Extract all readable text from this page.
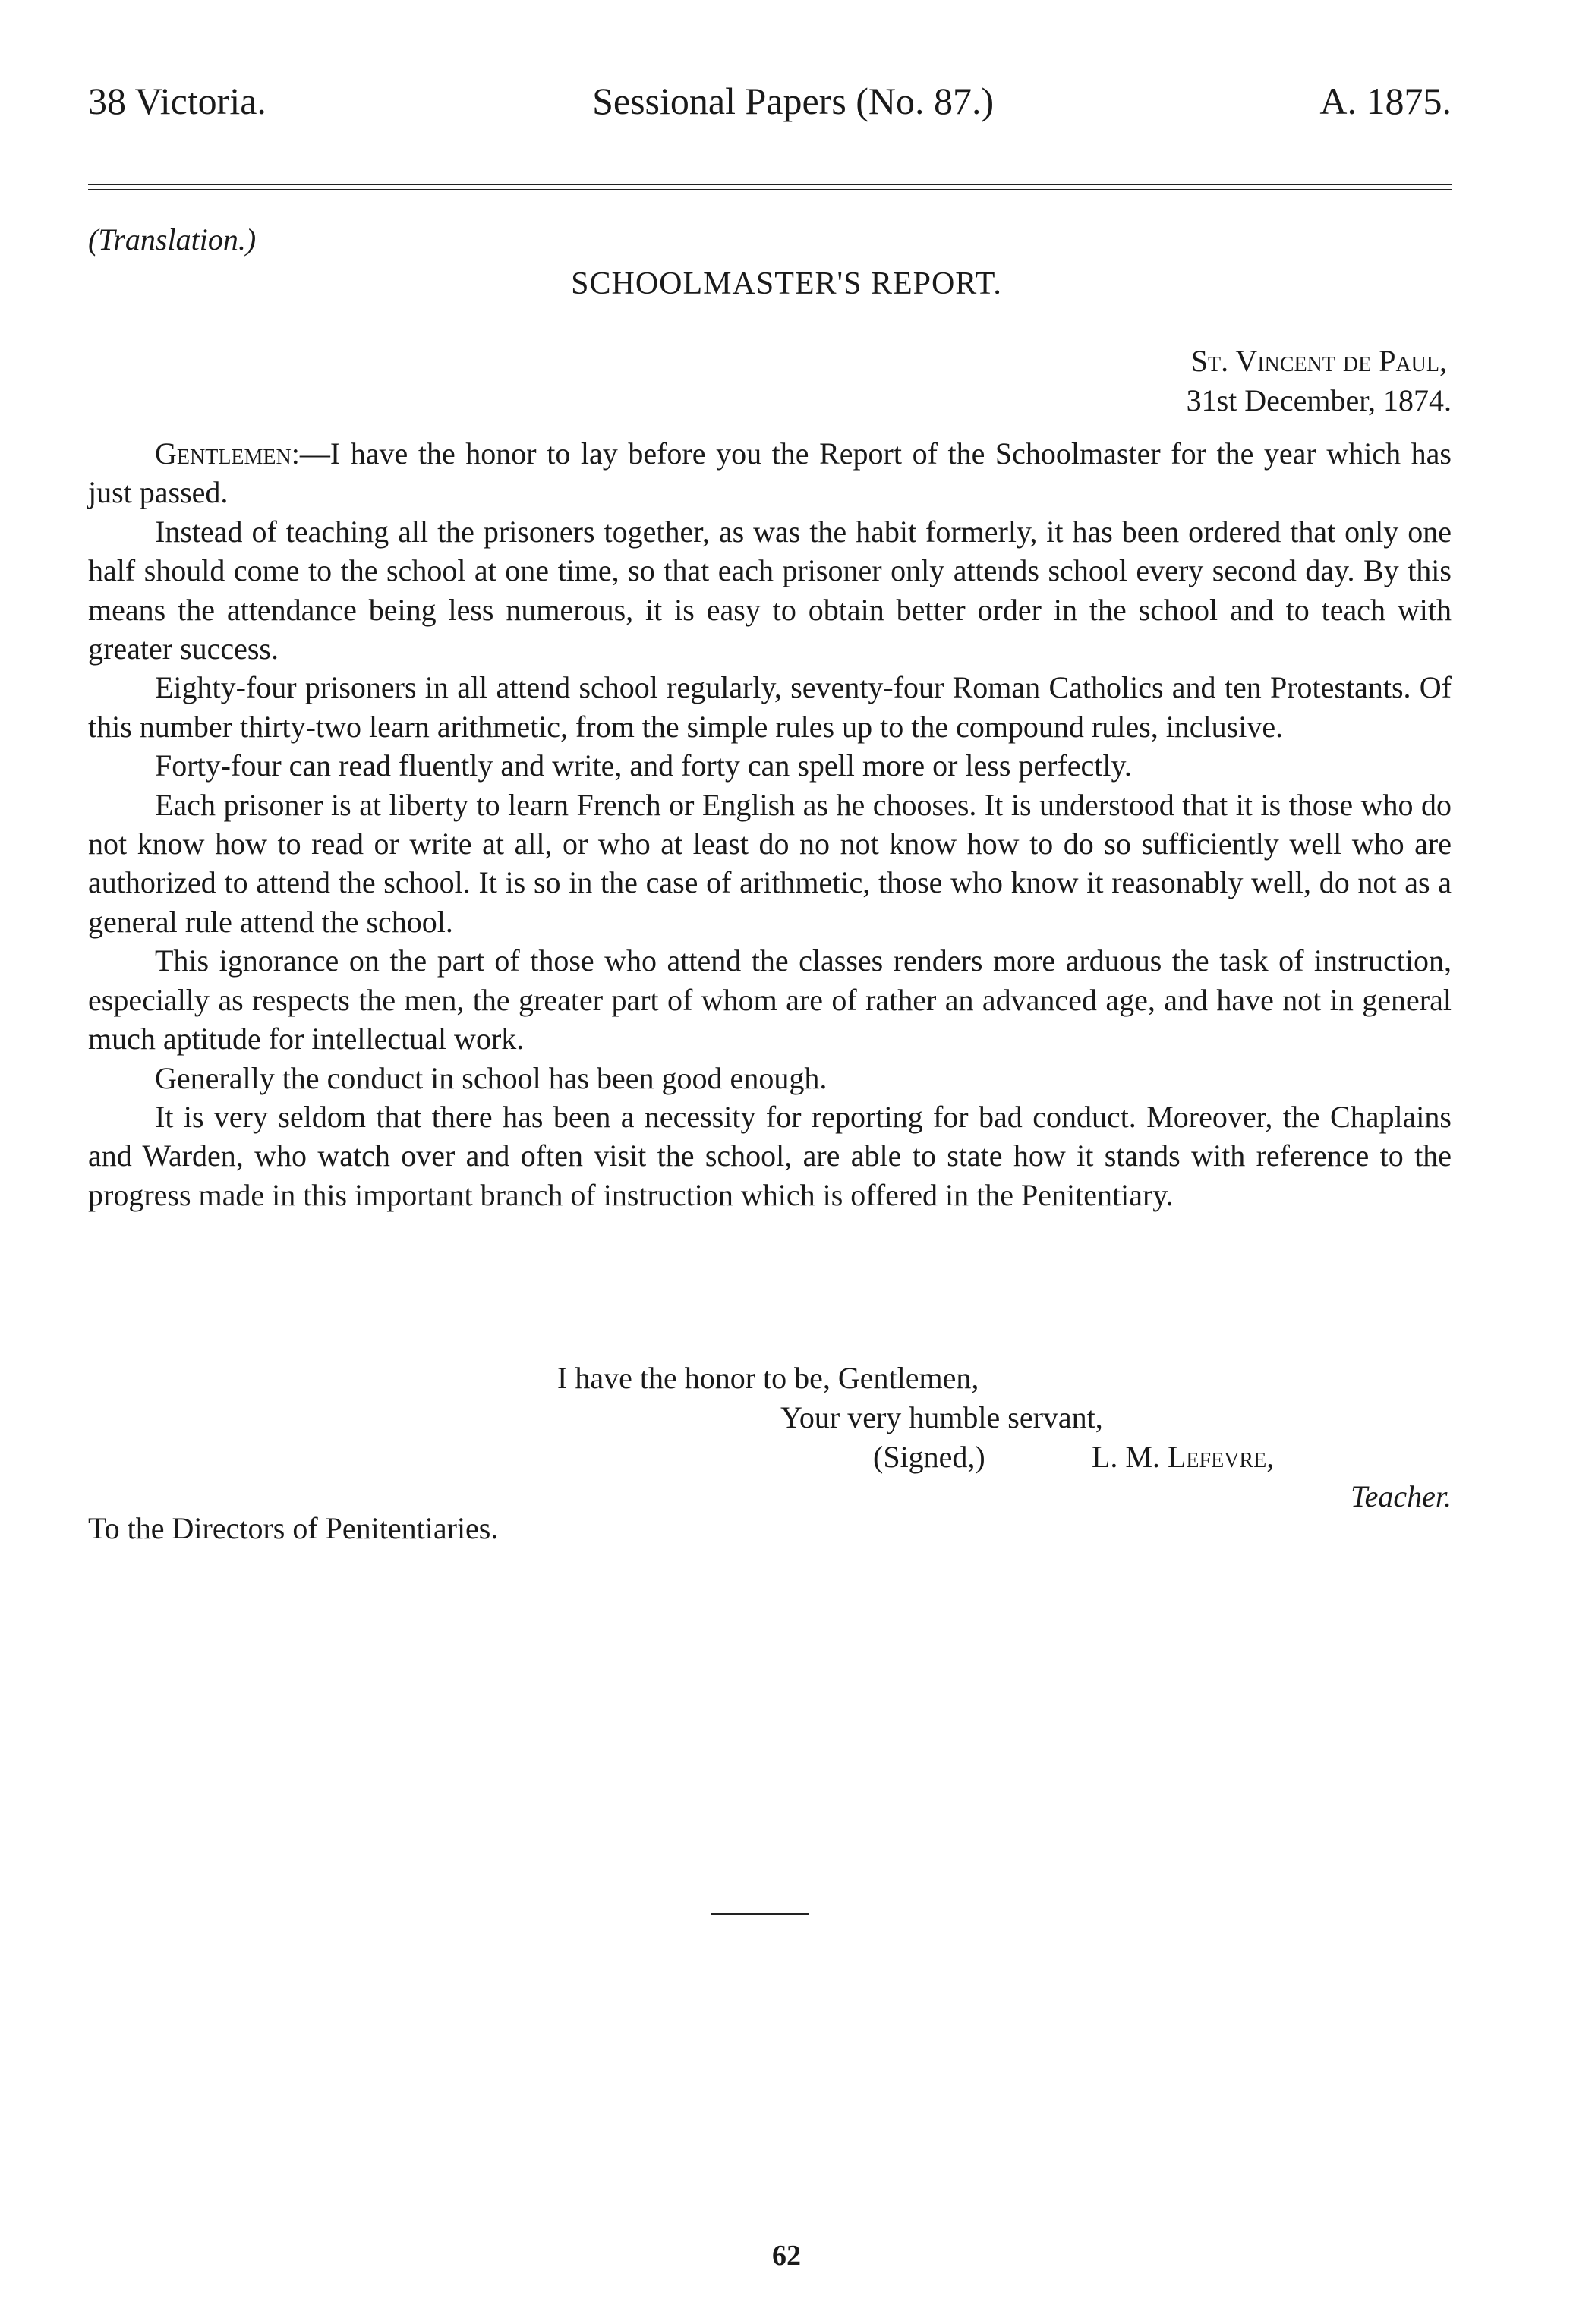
38 Victoria.	Sessional Papers (No. 87.)	A. 1875.
(Translation.)
SCHOOLMASTER'S REPORT.
St. Vincent de Paul,
31st December, 1874.

Gentlemen:—I have the honor to lay before you the Report of the Schoolmaster for the year which has just passed.

Instead of teaching all the prisoners together, as was the habit formerly, it has been ordered that only one half should come to the school at one time, so that each prisoner only attends school every second day. By this means the attendance being less numerous, it is easy to obtain better order in the school and to teach with greater success.

Eighty-four prisoners in all attend school regularly, seventy-four Roman Catholics and ten Protestants. Of this number thirty-two learn arithmetic, from the simple rules up to the compound rules, inclusive.

Forty-four can read fluently and write, and forty can spell more or less perfectly.

Each prisoner is at liberty to learn French or English as he chooses. It is understood that it is those who do not know how to read or write at all, or who at least do no not know how to do so sufficiently well who are authorized to attend the school. It is so in the case of arithmetic, those who know it reasonably well, do not as a general rule attend the school.

This ignorance on the part of those who attend the classes renders more arduous the task of instruction, especially as respects the men, the greater part of whom are of rather an advanced age, and have not in general much aptitude for intellectual work.

Generally the conduct in school has been good enough.

It is very seldom that there has been a necessity for reporting for bad conduct. Moreover, the Chaplains and Warden, who watch over and often visit the school, are able to state how it stands with reference to the progress made in this important branch of instruction which is offered in the Penitentiary.

I have the honor to be, Gentlemen,
Your very humble servant,
(Signed,)	L. M. Lefevre,
Teacher.
To the Directors of Penitentiaries.
62
